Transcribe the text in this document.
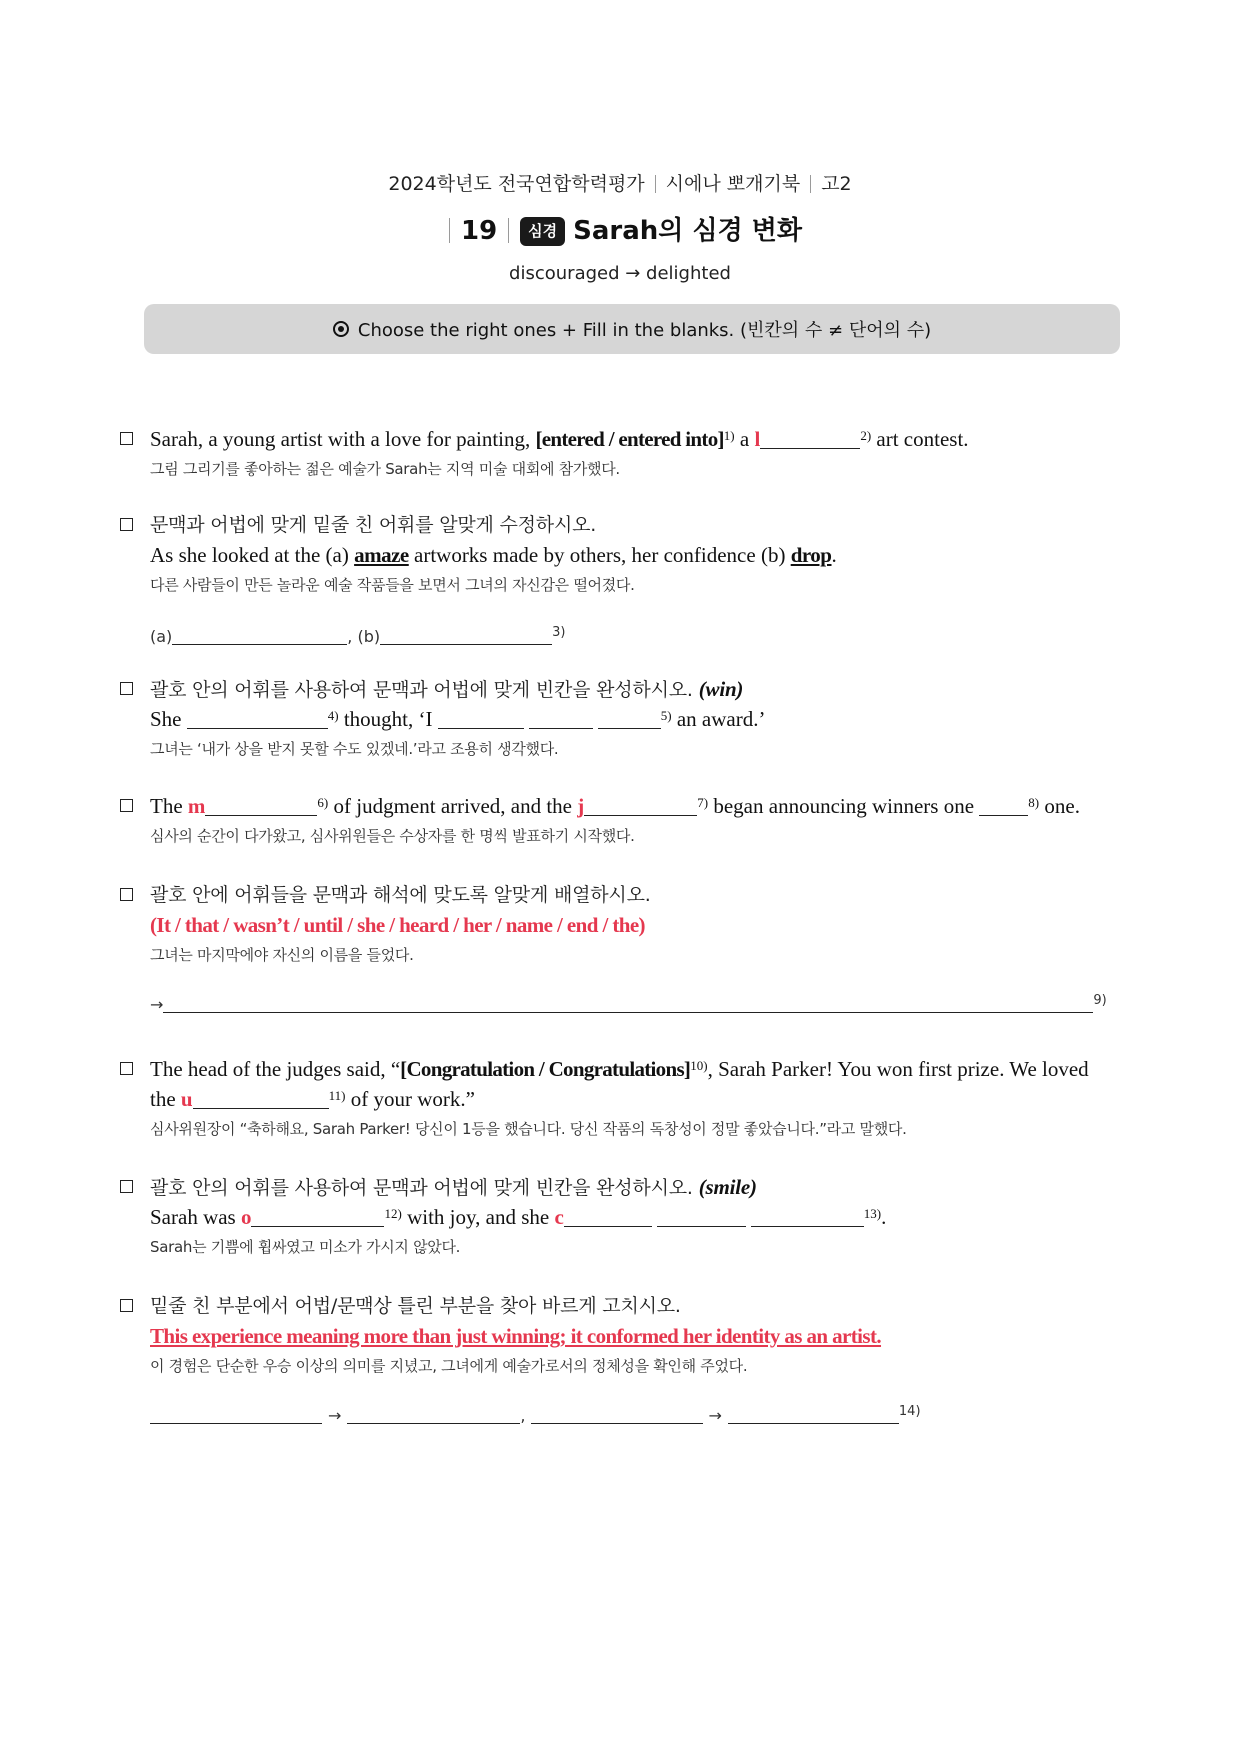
2024학년도 전국연합학력평가 시에나 뽀개기북 고2
19 심경 Sarah의 심경 변화
discouraged → delighted
Choose the right ones + Fill in the blanks. (빈칸의 수 ≠ 단어의 수)
Sarah, a young artist with a love for painting, [entered / entered into]$^{1)}$ a l	$^{2)}$ art contest.
그림 그리기를 좋아하는 젊은 예술가 Sarah는 지역 미술 대회에 참가했다.
문맥과 어법에 맞게 밑줄 친 어휘를 알맞게 수정하시오.
As she looked at the (a) amaze artworks made by others, her confidence (b) drop.
다른 사람들이 만든 놀라운 예술 작품들을 보면서 그녀의 자신감은 떨어졌다.
(a)	, (b)	$^{3)}$
괄호 안의 어휘를 사용하여 문맥과 어법에 맞게 빈칸을 완성하시오. (win)
She	$^{4)}$ thought, ‘I	$^{5)}$ an award.’
그녀는 ‘내가 상을 받지 못할 수도 있겠네.’라고 조용히 생각했다.
The m	$^{6)}$ of judgment arrived, and the j	$^{7)}$ began announcing winners one	$^{8)}$ one.
심사의 순간이 다가왔고, 심사위원들은 수상자를 한 명씩 발표하기 시작했다.
괄호 안에 어휘들을 문맥과 해석에 맞도록 알맞게 배열하시오.
(It / that / wasn’t / until / she / heard / her / name / end / the)
그녀는 마지막에야 자신의 이름을 들었다.
→	$^{9)}$
The head of the judges said, “[Congratulation / Congratulations]$^{10)}$, Sarah Parker! You won first prize. We loved
the u	$^{11)}$ of your work.”
심사위원장이 “축하해요, Sarah Parker! 당신이 1등을 했습니다. 당신 작품의 독창성이 정말 좋았습니다.”라고 말했다.
괄호 안의 어휘를 사용하여 문맥과 어법에 맞게 빈칸을 완성하시오. (smile)
Sarah was o	$^{12)}$ with joy, and she c	$^{13)}$.
Sarah는 기쁨에 휩싸였고 미소가 가시지 않았다.
밑줄 친 부분에서 어법/문맥상 틀린 부분을 찾아 바르게 고치시오.
This experience meaning more than just winning; it conformed her identity as an artist.
이 경험은 단순한 우승 이상의 의미를 지녔고, 그녀에게 예술가로서의 정체성을 확인해 주었다.
→	,	→	$^{14)}$
